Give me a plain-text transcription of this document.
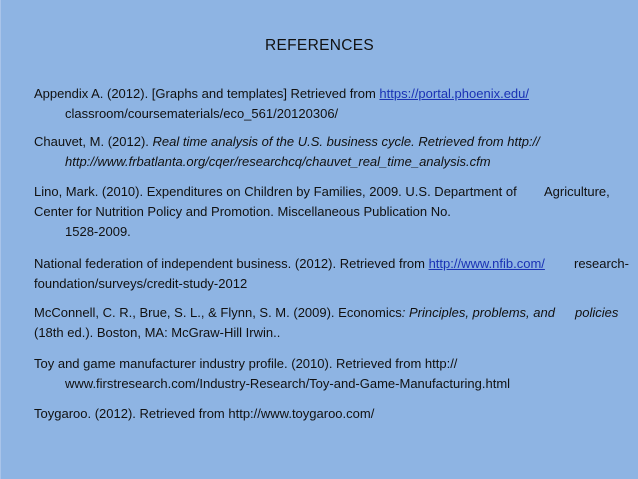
REFERENCES
Appendix A. (2012). [Graphs and templates] Retrieved from https://portal.phoenix.edu/
classroom/coursematerials/eco_561/20120306/
Chauvet, M. (2012). Real time analysis of the U.S. business cycle. Retrieved from http://
http://www.frbatlanta.org/cqer/researchcq/chauvet_real_time_analysis.cfm
Lino, Mark. (2010). Expenditures on Children by Families, 2009. U.S. Department of Agriculture,
Center for Nutrition Policy and Promotion. Miscellaneous Publication No.
1528-2009.
National federation of independent business. (2012). Retrieved from http://www.nfib.com/ research-
foundation/surveys/credit-study-2012
McConnell, C. R., Brue, S. L., & Flynn, S. M. (2009). Economics: Principles, problems, and policies
(18th ed.). Boston, MA: McGraw-Hill Irwin..
Toy and game manufacturer industry profile. (2010). Retrieved from http://
www.firstresearch.com/Industry-Research/Toy-and-Game-Manufacturing.html
Toygaroo. (2012). Retrieved from http://www.toygaroo.com/
